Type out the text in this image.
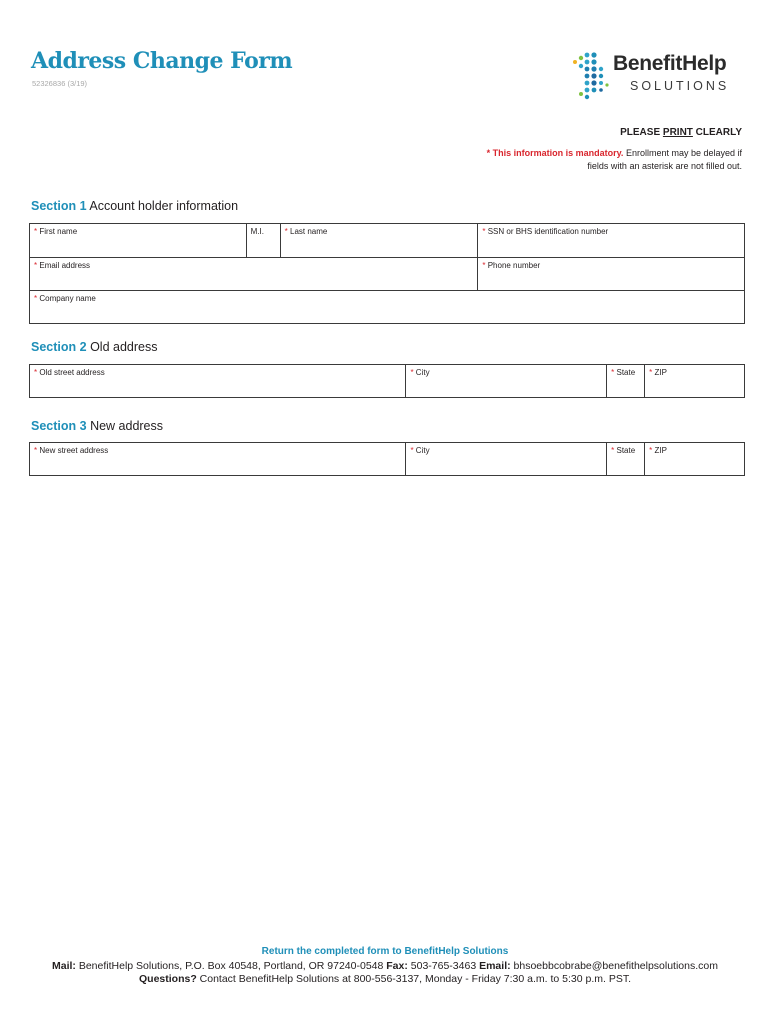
Address Change Form
52326836 (3/19)
BenefitHelp
SOLUTIONS
PLEASE PRINT CLEARLY
* This information is mandatory. Enrollment may be delayed if
fields with an asterisk are not filled out.
Section 1 Account holder information
* First name	M.I.	* Last name	* SSN or BHS identification number
* Email address			* Phone number
* Company name			
Section 2 Old address
* Old street address	* City	* State	* ZIP
Section 3 New address
* New street address	* City	* State	* ZIP
Return the completed form to BenefitHelp Solutions
Mail: BenefitHelp Solutions, P.O. Box 40548, Portland, OR 97240-0548 Fax: 503-765-3463 Email: bhsoebbcobrabe@benefithelpsolutions.com
Questions? Contact BenefitHelp Solutions at 800-556-3137, Monday - Friday 7:30 a.m. to 5:30 p.m. PST.
